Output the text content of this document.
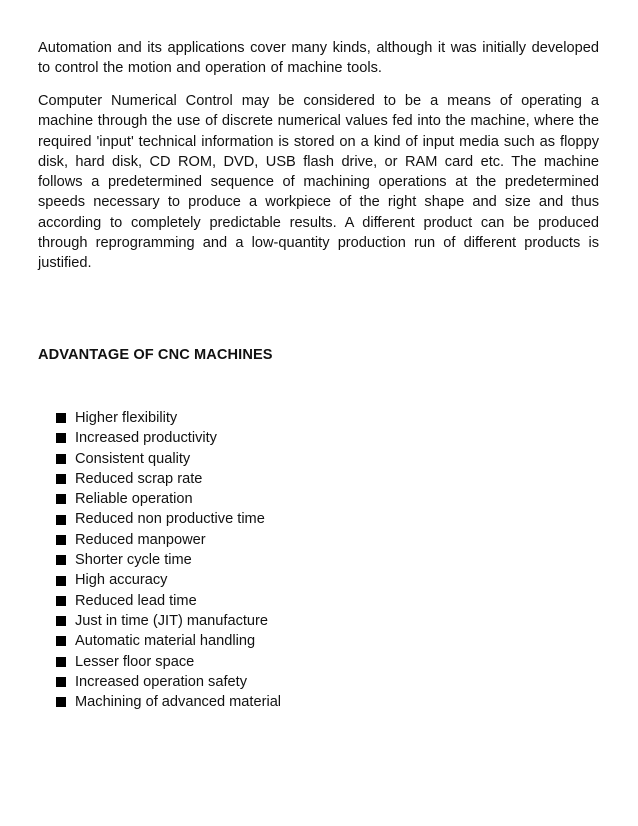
Automation and its applications cover many kinds, although it was initially developed to control the motion and operation of machine tools.

Computer Numerical Control may be considered to be a means of operating a machine through the use of discrete numerical values fed into the machine, where the required 'input' technical information is stored on a kind of input media such as floppy disk, hard disk, CD ROM, DVD, USB flash drive, or RAM card etc. The machine follows a predetermined sequence of machining operations at the predetermined speeds necessary to produce a workpiece of the right shape and size and thus according to completely predictable results. A different product can be produced through reprogramming and a low-quantity production run of different products is justified.

ADVANTAGE OF CNC MACHINES
Higher flexibility
Increased productivity
Consistent quality
Reduced scrap rate
Reliable operation
Reduced non productive time
Reduced manpower
Shorter cycle time
High accuracy
Reduced lead time
Just in time (JIT) manufacture
Automatic material handling
Lesser floor space
Increased operation safety
Machining of advanced material
